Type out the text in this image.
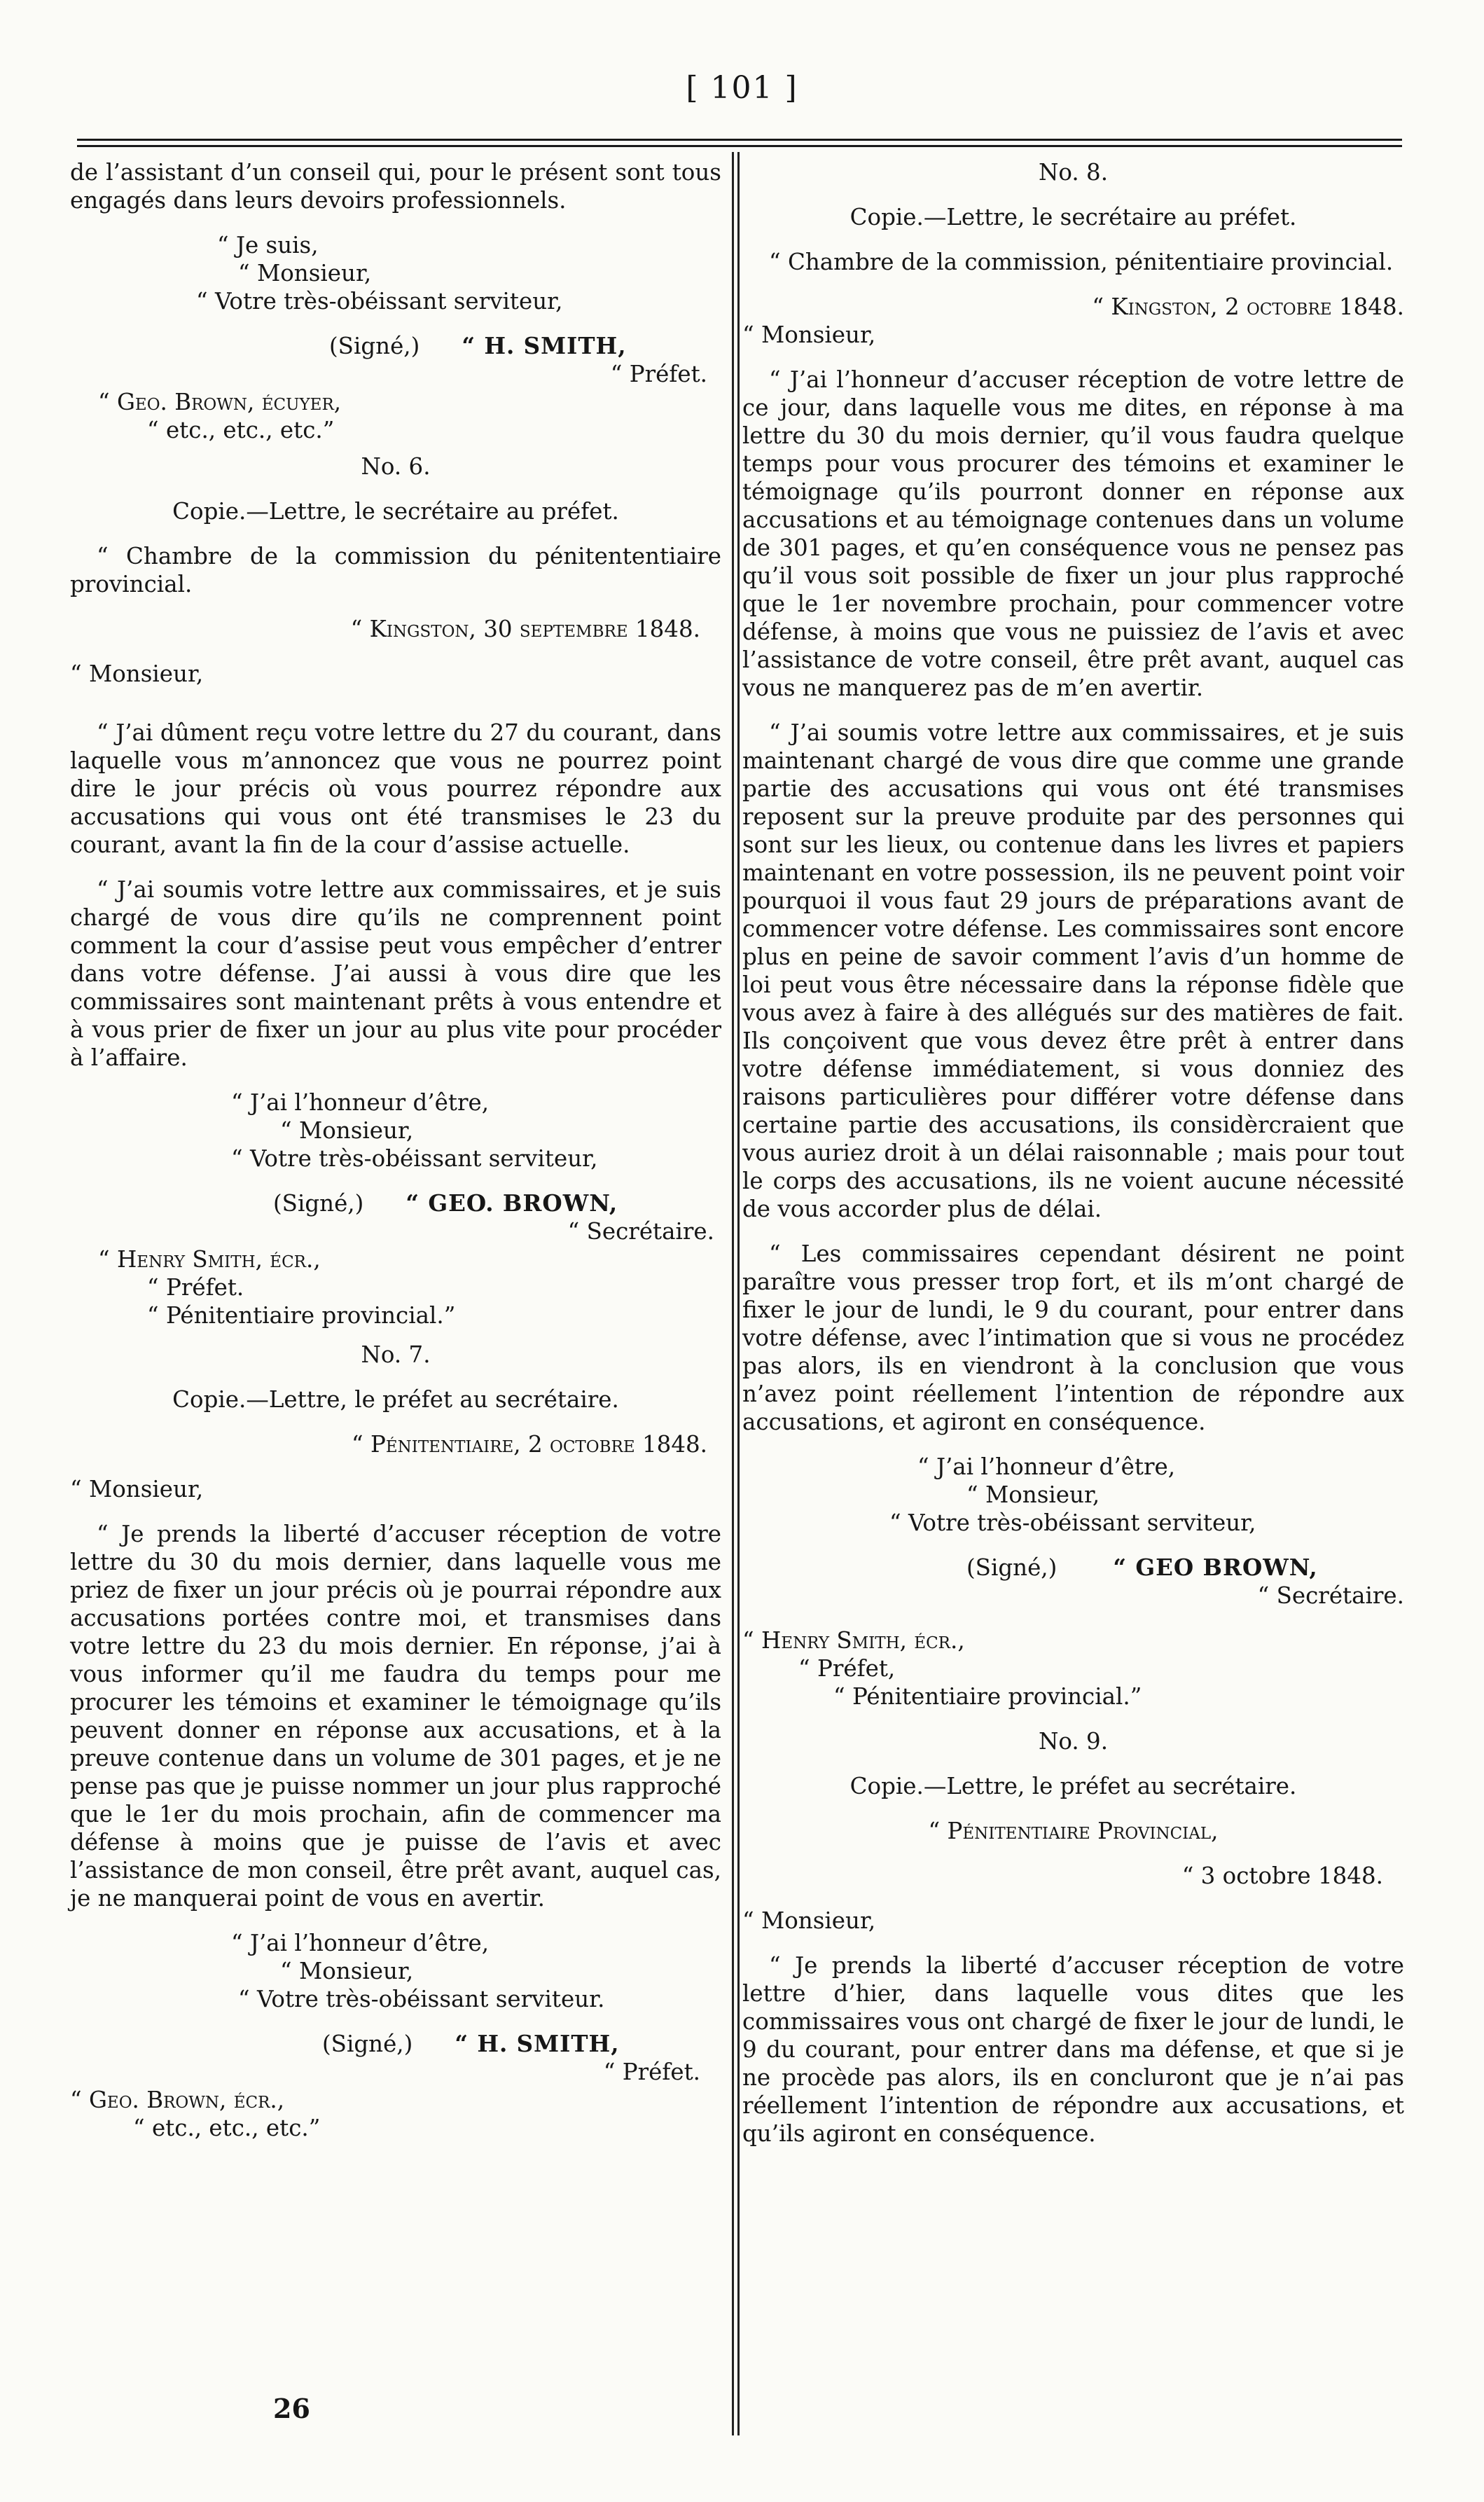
[ 101 ]

de l’assistant d’un conseil qui, pour le présent sont tous engagés dans leurs devoirs professionnels.

“ Je suis,
“ Monsieur,
“ Votre très-obéissant serviteur,
(Signé,) “ H. SMITH,
“ Préfet.
“ Geo. Brown, écuyer,
“ etc., etc., etc.”
No. 6.
Copie.—Lettre, le secrétaire au préfet.

“ Chambre de la commission du pénitententiaire provincial.

“ Kingston, 30 septembre 1848.
“ Monsieur,

“ J’ai dûment reçu votre lettre du 27 du courant, dans laquelle vous m’annoncez que vous ne pourrez point dire le jour précis où vous pourrez répondre aux accusations qui vous ont été transmises le 23 du courant, avant la fin de la cour d’assise actuelle.

“ J’ai soumis votre lettre aux commissaires, et je suis chargé de vous dire qu’ils ne comprennent point comment la cour d’assise peut vous empêcher d’entrer dans votre défense. J’ai aussi à vous dire que les commissaires sont maintenant prêts à vous entendre et à vous prier de fixer un jour au plus vite pour procéder à l’affaire.

“ J’ai l’honneur d’être,
“ Monsieur,
“ Votre très-obéissant serviteur,
(Signé,) “ GEO. BROWN,
“ Secrétaire.
“ Henry Smith, écr.,
“ Préfet.
“ Pénitentiaire provincial.”
No. 7.
Copie.—Lettre, le préfet au secrétaire.
“ Pénitentiaire, 2 octobre 1848.
“ Monsieur,

“ Je prends la liberté d’accuser réception de votre lettre du 30 du mois dernier, dans laquelle vous me priez de fixer un jour précis où je pourrai répondre aux accusations portées contre moi, et transmises dans votre lettre du 23 du mois dernier. En réponse, j’ai à vous informer qu’il me faudra du temps pour me procurer les témoins et examiner le témoignage qu’ils peuvent donner en réponse aux accusations, et à la preuve contenue dans un volume de 301 pages, et je ne pense pas que je puisse nommer un jour plus rapproché que le 1er du mois prochain, afin de commencer ma défense à moins que je puisse de l’avis et avec l’assistance de mon conseil, être prêt avant, auquel cas, je ne manquerai point de vous en avertir.

“ J’ai l’honneur d’être,
“ Monsieur,
“ Votre très-obéissant serviteur.
(Signé,) “ H. SMITH,
“ Préfet.
“ Geo. Brown, écr.,
“ etc., etc., etc.”
No. 8.
Copie.—Lettre, le secrétaire au préfet.

“ Chambre de la commission, pénitentiaire provincial.

“ Kingston, 2 octobre 1848.
“ Monsieur,

“ J’ai l’honneur d’accuser réception de votre lettre de ce jour, dans laquelle vous me dites, en réponse à ma lettre du 30 du mois dernier, qu’il vous faudra quelque temps pour vous procurer des témoins et examiner le témoignage qu’ils pourront donner en réponse aux accusations et au témoignage contenues dans un volume de 301 pages, et qu’en conséquence vous ne pensez pas qu’il vous soit possible de fixer un jour plus rapproché que le 1er novembre prochain, pour commencer votre défense, à moins que vous ne puissiez de l’avis et avec l’assistance de votre conseil, être prêt avant, auquel cas vous ne manquerez pas de m’en avertir.

“ J’ai soumis votre lettre aux commissaires, et je suis maintenant chargé de vous dire que comme une grande partie des accusations qui vous ont été transmises reposent sur la preuve produite par des personnes qui sont sur les lieux, ou contenue dans les livres et papiers maintenant en votre possession, ils ne peuvent point voir pourquoi il vous faut 29 jours de préparations avant de commencer votre défense. Les commissaires sont encore plus en peine de savoir comment l’avis d’un homme de loi peut vous être nécessaire dans la réponse fidèle que vous avez à faire à des allégués sur des matières de fait. Ils conçoivent que vous devez être prêt à entrer dans votre défense immédiatement, si vous donniez des raisons particulières pour différer votre défense dans certaine partie des accusations, ils considèrcraient que vous auriez droit à un délai raisonnable ; mais pour tout le corps des accusations, ils ne voient aucune nécessité de vous accorder plus de délai.

“ Les commissaires cependant désirent ne point paraître vous presser trop fort, et ils m’ont chargé de fixer le jour de lundi, le 9 du courant, pour entrer dans votre défense, avec l’intimation que si vous ne procédez pas alors, ils en viendront à la conclusion que vous n’avez point réellement l’intention de répondre aux accusations, et agiront en conséquence.

“ J’ai l’honneur d’être,
“ Monsieur,
“ Votre très-obéissant serviteur,
(Signé,) “ GEO BROWN,
“ Secrétaire.
“ Henry Smith, écr.,
“ Préfet,
“ Pénitentiaire provincial.”
No. 9.
Copie.—Lettre, le préfet au secrétaire.
“ Pénitentiaire Provincial,
“ 3 octobre 1848.
“ Monsieur,

“ Je prends la liberté d’accuser réception de votre lettre d’hier, dans laquelle vous dites que les commissaires vous ont chargé de fixer le jour de lundi, le 9 du courant, pour entrer dans ma défense, et que si je ne procède pas alors, ils en concluront que je n’ai pas réellement l’intention de répondre aux accusations, et qu’ils agiront en conséquence.

26
